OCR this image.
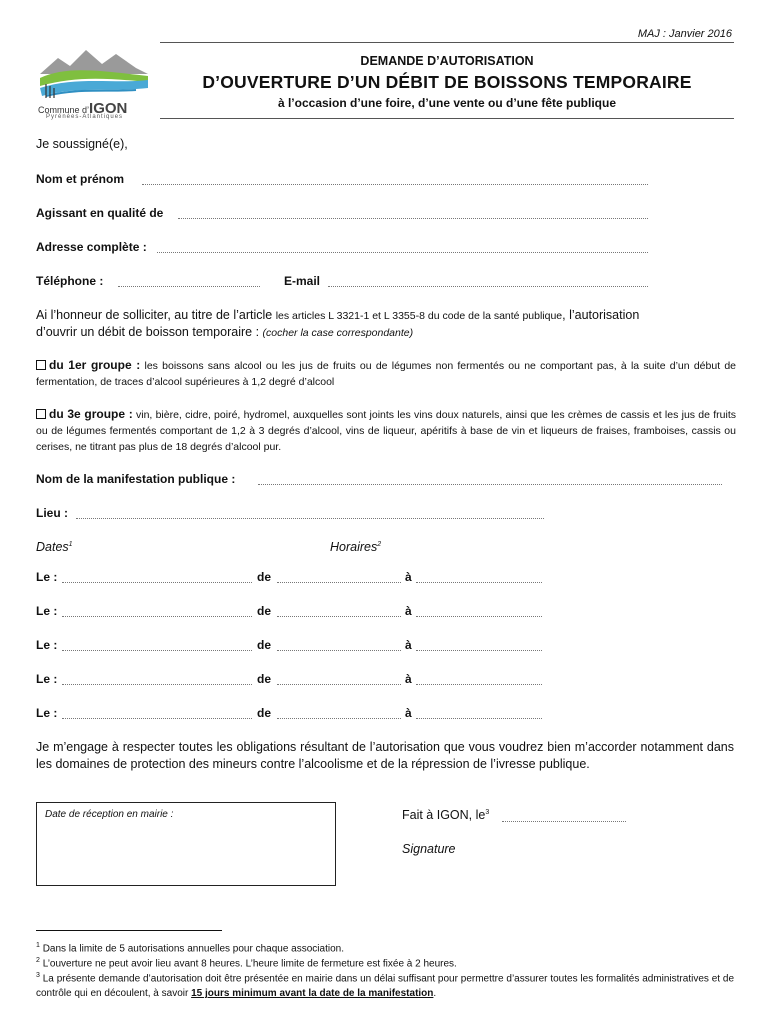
MAJ : Janvier 2016
Commune d’IGON
Pyrénées-Atlantiques
DEMANDE D’AUTORISATION
D’OUVERTURE D’UN DÉBIT DE BOISSONS TEMPORAIRE
à l’occasion d’une foire, d’une vente ou d’une fête publique
Je soussigné(e),
Nom et prénom
Agissant en qualité de
Adresse complète :
Téléphone :	E-mail
Ai l’honneur de solliciter, au titre de l’article les articles L 3321-1 et L 3355-8 du code de la santé publique, l’autorisation
d’ouvrir un débit de boisson temporaire : (cocher la case correspondante)
du 1er groupe : les boissons sans alcool ou les jus de fruits ou de légumes non fermentés ou ne comportant pas, à la suite d’un début de fermentation, de traces d’alcool supérieures à 1,2 degré d’alcool
du 3e groupe : vin, bière, cidre, poiré, hydromel, auxquelles sont joints les vins doux naturels, ainsi que les crèmes de cassis et les jus de fruits ou de légumes fermentés comportant de 1,2 à 3 degrés d’alcool, vins de liqueur, apéritifs à base de vin et liqueurs de fraises, framboises, cassis ou cerises, ne titrant pas plus de 18 degrés d’alcool pur.
Nom de la manifestation publique :
Lieu :
Dates$^1$	Horaires$^2$
Le :	de	à
Le :	de	à
Le :	de	à
Le :	de	à
Le :	de	à
Je m’engage à respecter toutes les obligations résultant de l’autorisation que vous voudrez bien m’accorder notamment dans les domaines de protection des mineurs contre l’alcoolisme et de la répression de l’ivresse publique.
Date de réception en mairie :	Fait à IGON, $le^3$
Signature
$^1$ Dans la limite de 5 autorisations annuelles pour chaque association.
$^2$ L’ouverture ne peut avoir lieu avant 8 heures. L’heure limite de fermeture est fixée à 2 heures.
$^3$ La présente demande d’autorisation doit être présentée en mairie dans un délai suffisant pour permettre d’assurer toutes les formalités administratives et de contrôle qui en découlent, à savoir 15 jours minimum avant la date de la manifestation.
